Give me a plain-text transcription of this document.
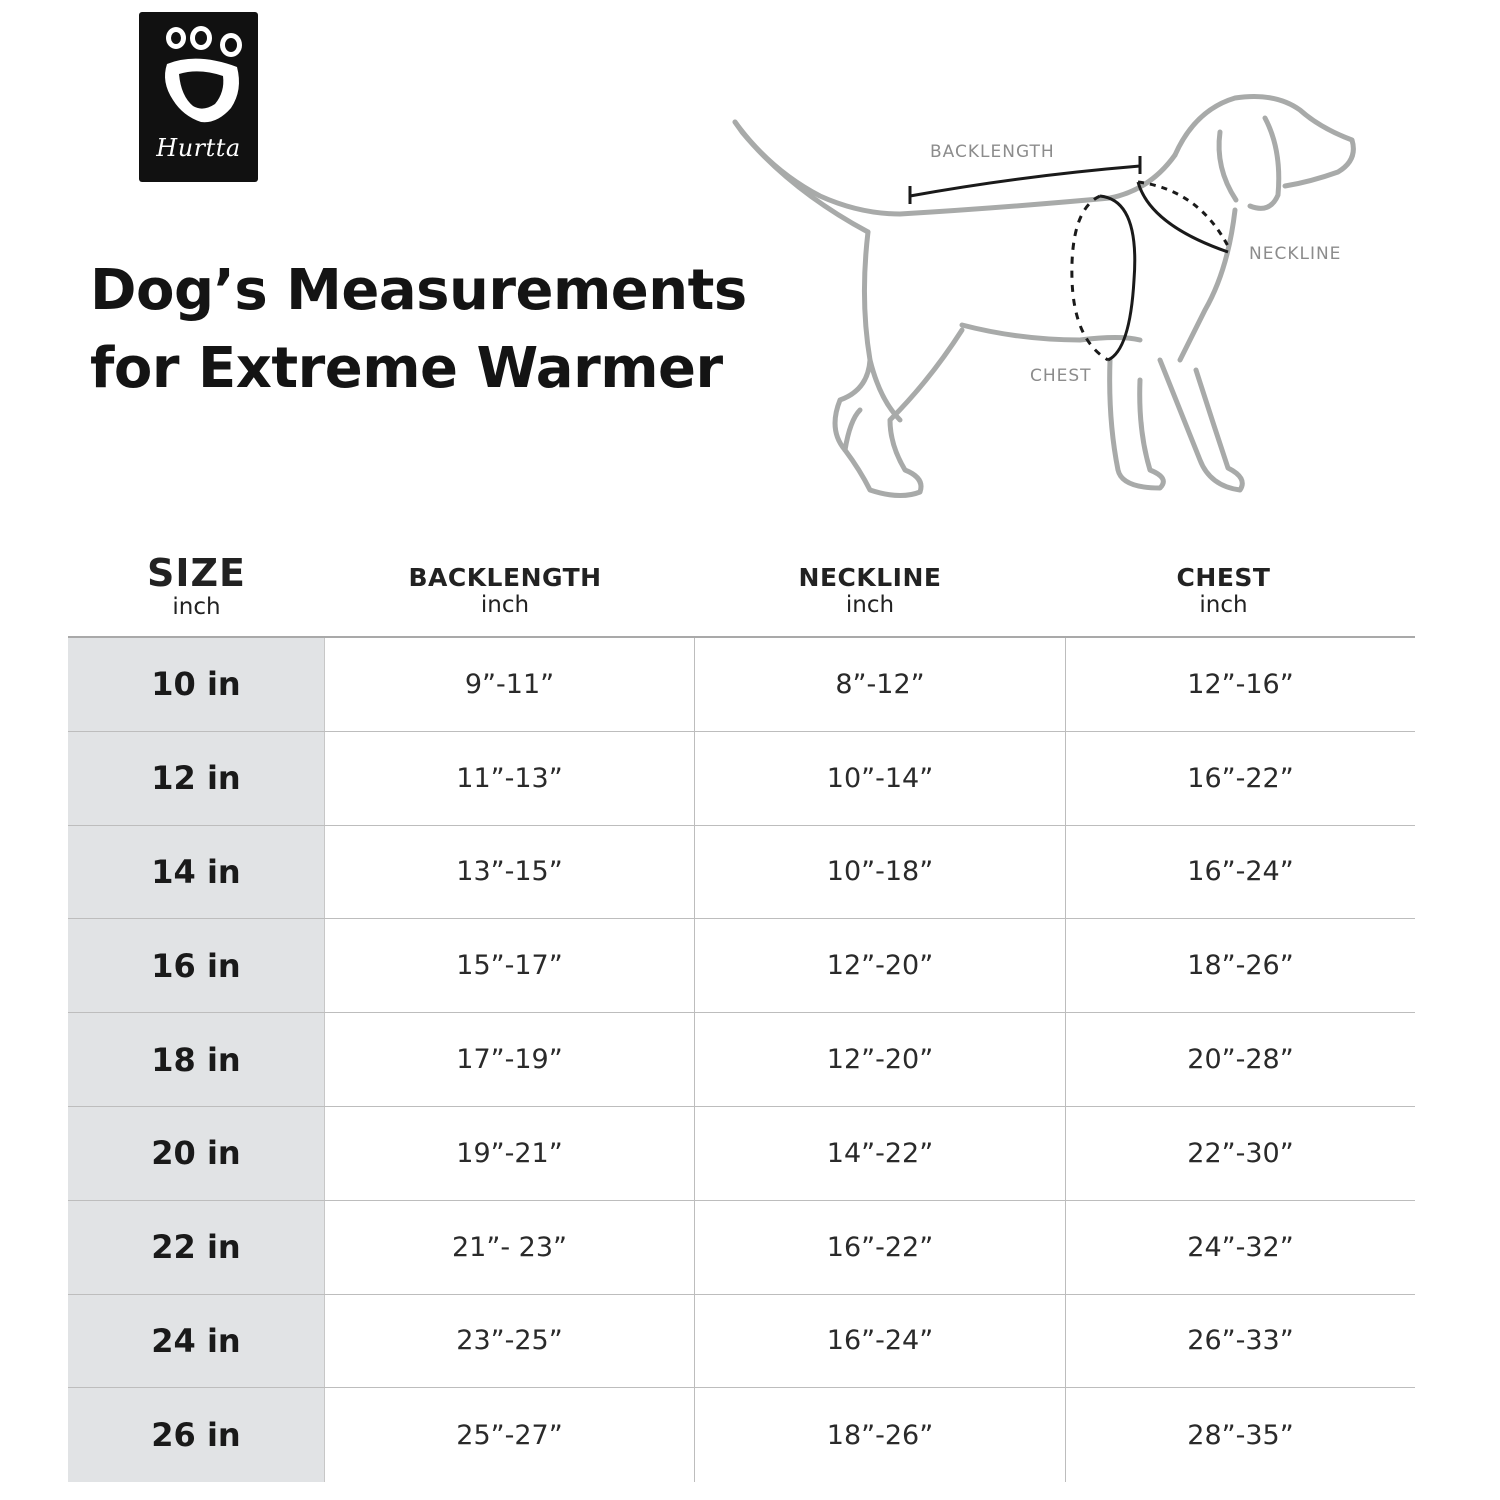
Hurtta
Dog’s Measurements
for Extreme Warmer
BACKLENGTH
NECKLINE
CHEST
SIZE
inch
BACKLENGTH
inch
NECKLINE
inch
CHEST
inch
10 in	9”-11”	8”-12”	12”-16”
12 in	11”-13”	10”-14”	16”-22”
14 in	13”-15”	10”-18”	16”-24”
16 in	15”-17”	12”-20”	18”-26”
18 in	17”-19”	12”-20”	20”-28”
20 in	19”-21”	14”-22”	22”-30”
22 in	21”- 23”	16”-22”	24”-32”
24 in	23”-25”	16”-24”	26”-33”
26 in	25”-27”	18”-26”	28”-35”
